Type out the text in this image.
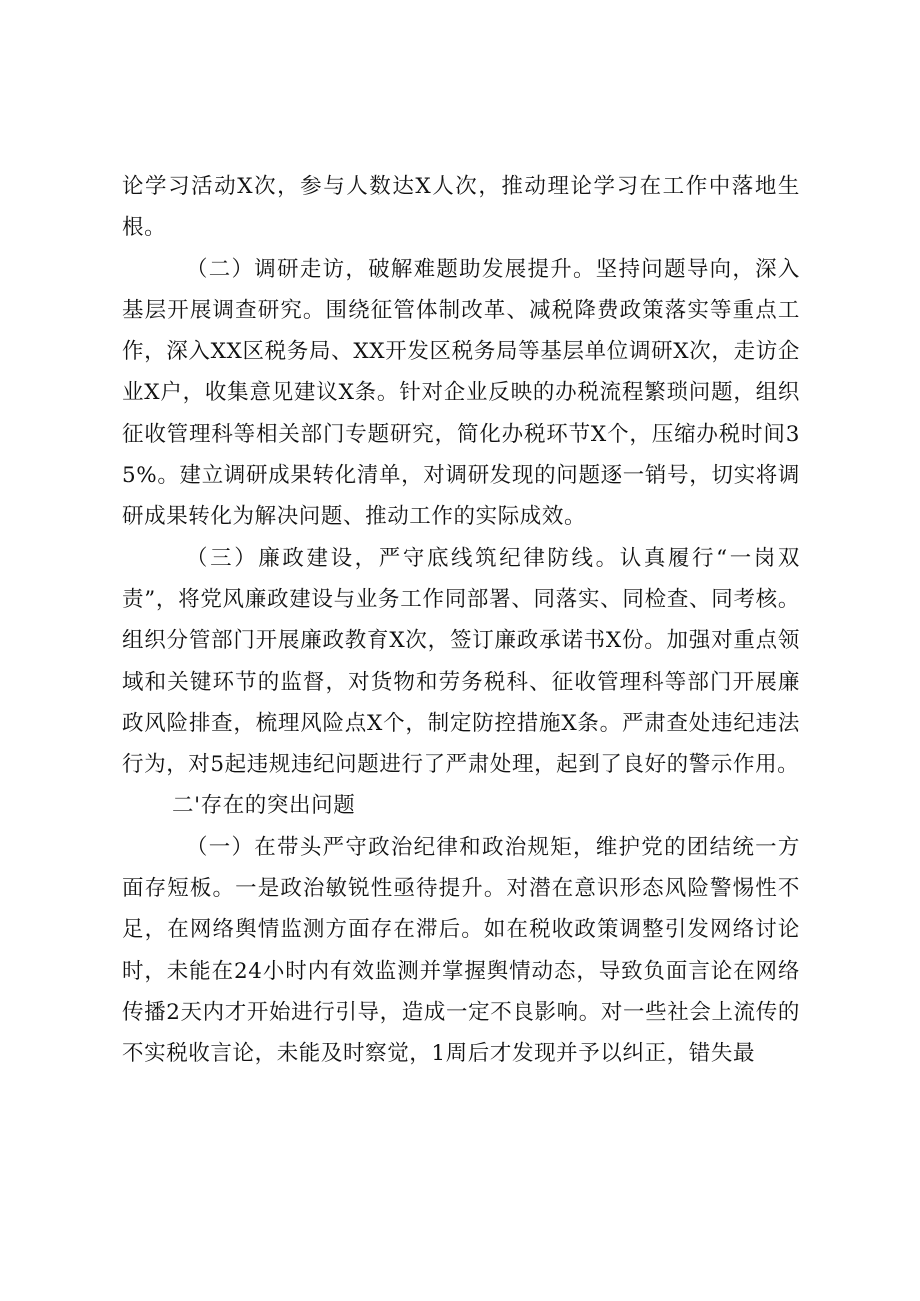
论学习活动X次，参与人数达X人次，推动理论学习在工作中落地生根。

（二）调研走访，破解难题助发展提升。坚持问题导向，深入基层开展调查研究。围绕征管体制改革、减税降费政策落实等重点工作，深入XX区税务局、XX开发区税务局等基层单位调研X次，走访企业X户，收集意见建议X条。针对企业反映的办税流程繁琐问题，组织征收管理科等相关部门专题研究，简化办税环节X个，压缩办税时间35%。建立调研成果转化清单，对调研发现的问题逐一销号，切实将调研成果转化为解决问题、推动工作的实际成效。

（三）廉政建设，严守底线筑纪律防线。认真履行“一岗双责”，将党风廉政建设与业务工作同部署、同落实、同检查、同考核。组织分管部门开展廉政教育X次，签订廉政承诺书X份。加强对重点领域和关键环节的监督，对货物和劳务税科、征收管理科等部门开展廉政风险排查，梳理风险点X个，制定防控措施X条。严肃查处违纪违法行为，对5起违规违纪问题进行了严肃处理，起到了良好的警示作用。

二'存在的突出问题

（一）在带头严守政治纪律和政治规矩，维护党的团结统一方面存短板。一是政治敏锐性亟待提升。对潜在意识形态风险警惕性不足，在网络舆情监测方面存在滞后。如在税收政策调整引发网络讨论时，未能在24小时内有效监测并掌握舆情动态，导致负面言论在网络传播2天内才开始进行引导，造成一定不良影响。对一些社会上流传的不实税收言论，未能及时察觉，1周后才发现并予以纠正，错失最
